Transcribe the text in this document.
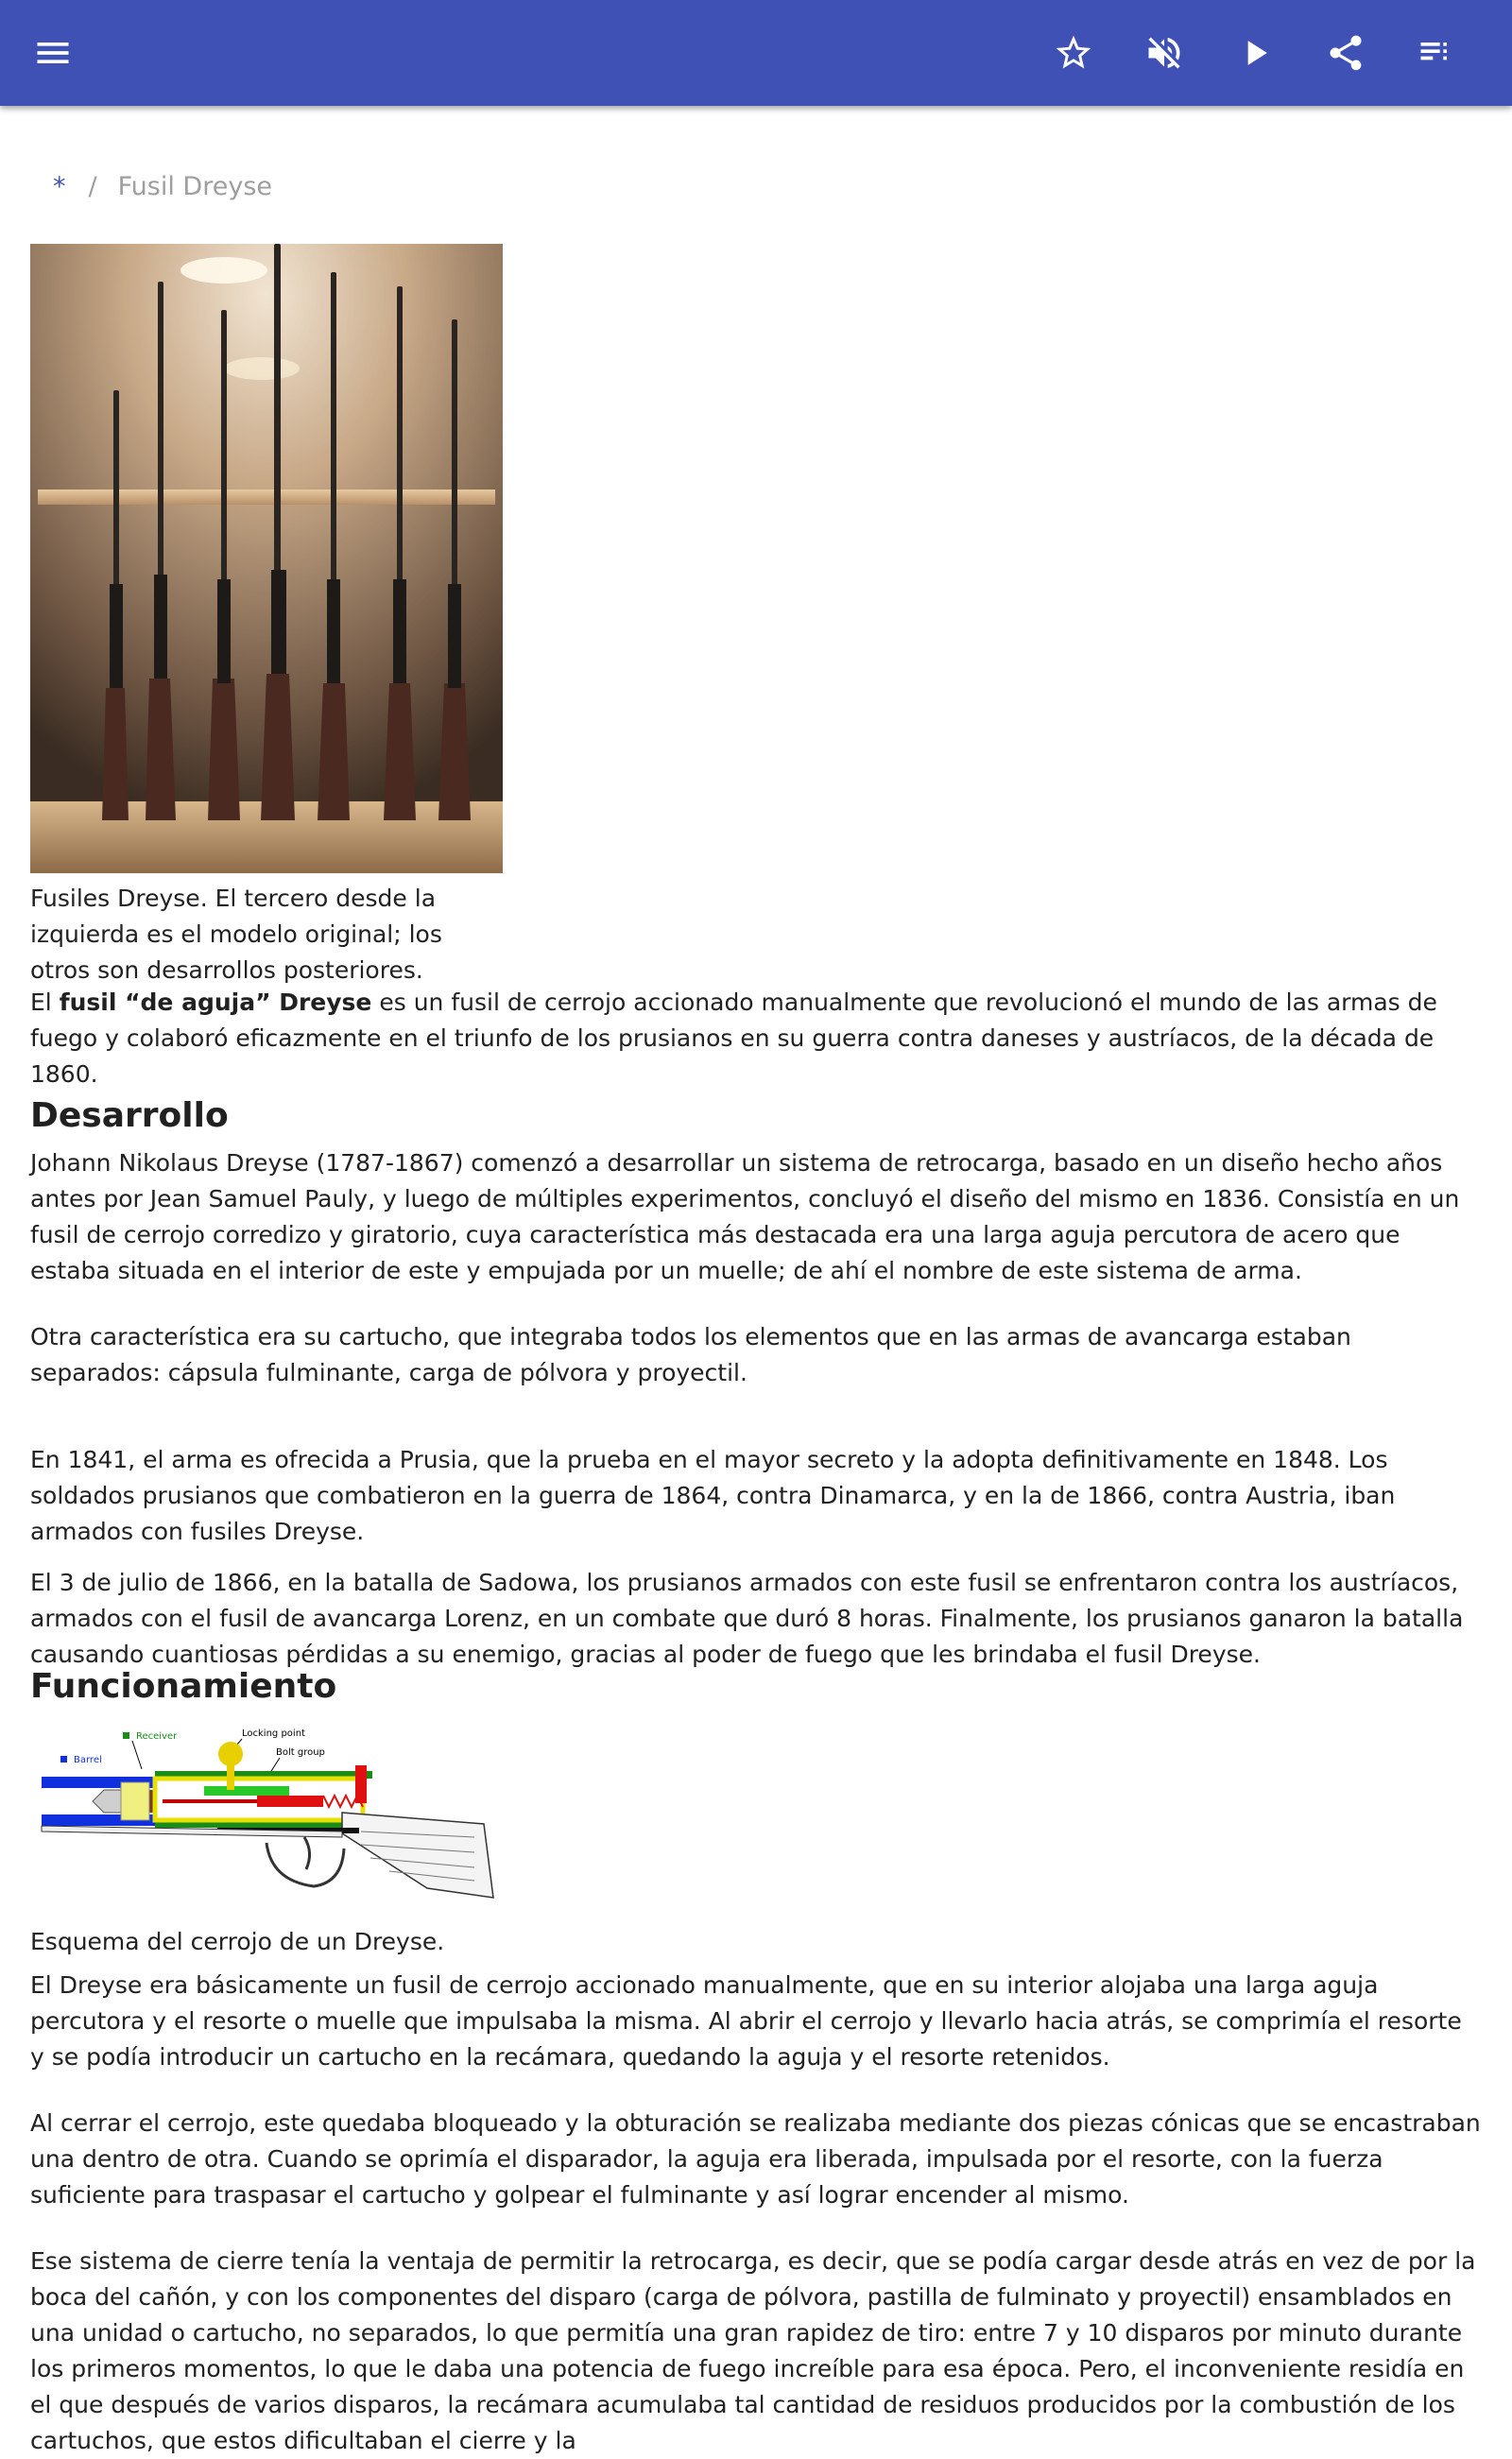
* / Fusil Dreyse
Fusiles Dreyse. El tercero desde la izquierda es el modelo original; los otros son desarrollos posteriores.

El fusil “de aguja” Dreyse es un fusil de cerrojo accionado manualmente que revolucionó el mundo de las armas de fuego y colaboró eficazmente en el triunfo de los prusianos en su guerra contra daneses y austríacos, de la década de 1860.

Desarrollo

Johann Nikolaus Dreyse (1787-1867) comenzó a desarrollar un sistema de retrocarga, basado en un diseño hecho años antes por Jean Samuel Pauly, y luego de múltiples experimentos, concluyó el diseño del mismo en 1836. Consistía en un fusil de cerrojo corredizo y giratorio, cuya característica más destacada era una larga aguja percutora de acero que estaba situada en el interior de este y empujada por un muelle; de ahí el nombre de este sistema de arma.

Otra característica era su cartucho, que integraba todos los elementos que en las armas de avancarga estaban separados: cápsula fulminante, carga de pólvora y proyectil.

En 1841, el arma es ofrecida a Prusia, que la prueba en el mayor secreto y la adopta definitivamente en 1848. Los soldados prusianos que combatieron en la guerra de 1864, contra Dinamarca, y en la de 1866, contra Austria, iban armados con fusiles Dreyse.

El 3 de julio de 1866, en la batalla de Sadowa, los prusianos armados con este fusil se enfrentaron contra los austríacos, armados con el fusil de avancarga Lorenz, en un combate que duró 8 horas. Finalmente, los prusianos ganaron la batalla causando cuantiosas pérdidas a su enemigo, gracias al poder de fuego que les brindaba el fusil Dreyse.

Funcionamiento
Barrel
Receiver	Locking point
Bolt group
Esquema del cerrojo de un Dreyse.

El Dreyse era básicamente un fusil de cerrojo accionado manualmente, que en su interior alojaba una larga aguja percutora y el resorte o muelle que impulsaba la misma. Al abrir el cerrojo y llevarlo hacia atrás, se comprimía el resorte y se podía introducir un cartucho en la recámara, quedando la aguja y el resorte retenidos.

Al cerrar el cerrojo, este quedaba bloqueado y la obturación se realizaba mediante dos piezas cónicas que se encastraban una dentro de otra. Cuando se oprimía el disparador, la aguja era liberada, impulsada por el resorte, con la fuerza suficiente para traspasar el cartucho y golpear el fulminante y así lograr encender al mismo.

Ese sistema de cierre tenía la ventaja de permitir la retrocarga, es decir, que se podía cargar desde atrás en vez de por la boca del cañón, y con los componentes del disparo (carga de pólvora, pastilla de fulminato y proyectil) ensamblados en una unidad o cartucho, no separados, lo que permitía una gran rapidez de tiro: entre 7 y 10 disparos por minuto durante los primeros momentos, lo que le daba una potencia de fuego increíble para esa época. Pero, el inconveniente residía en el que después de varios disparos, la recámara acumulaba tal cantidad de residuos producidos por la combustión de los cartuchos, que estos dificultaban el cierre y la
